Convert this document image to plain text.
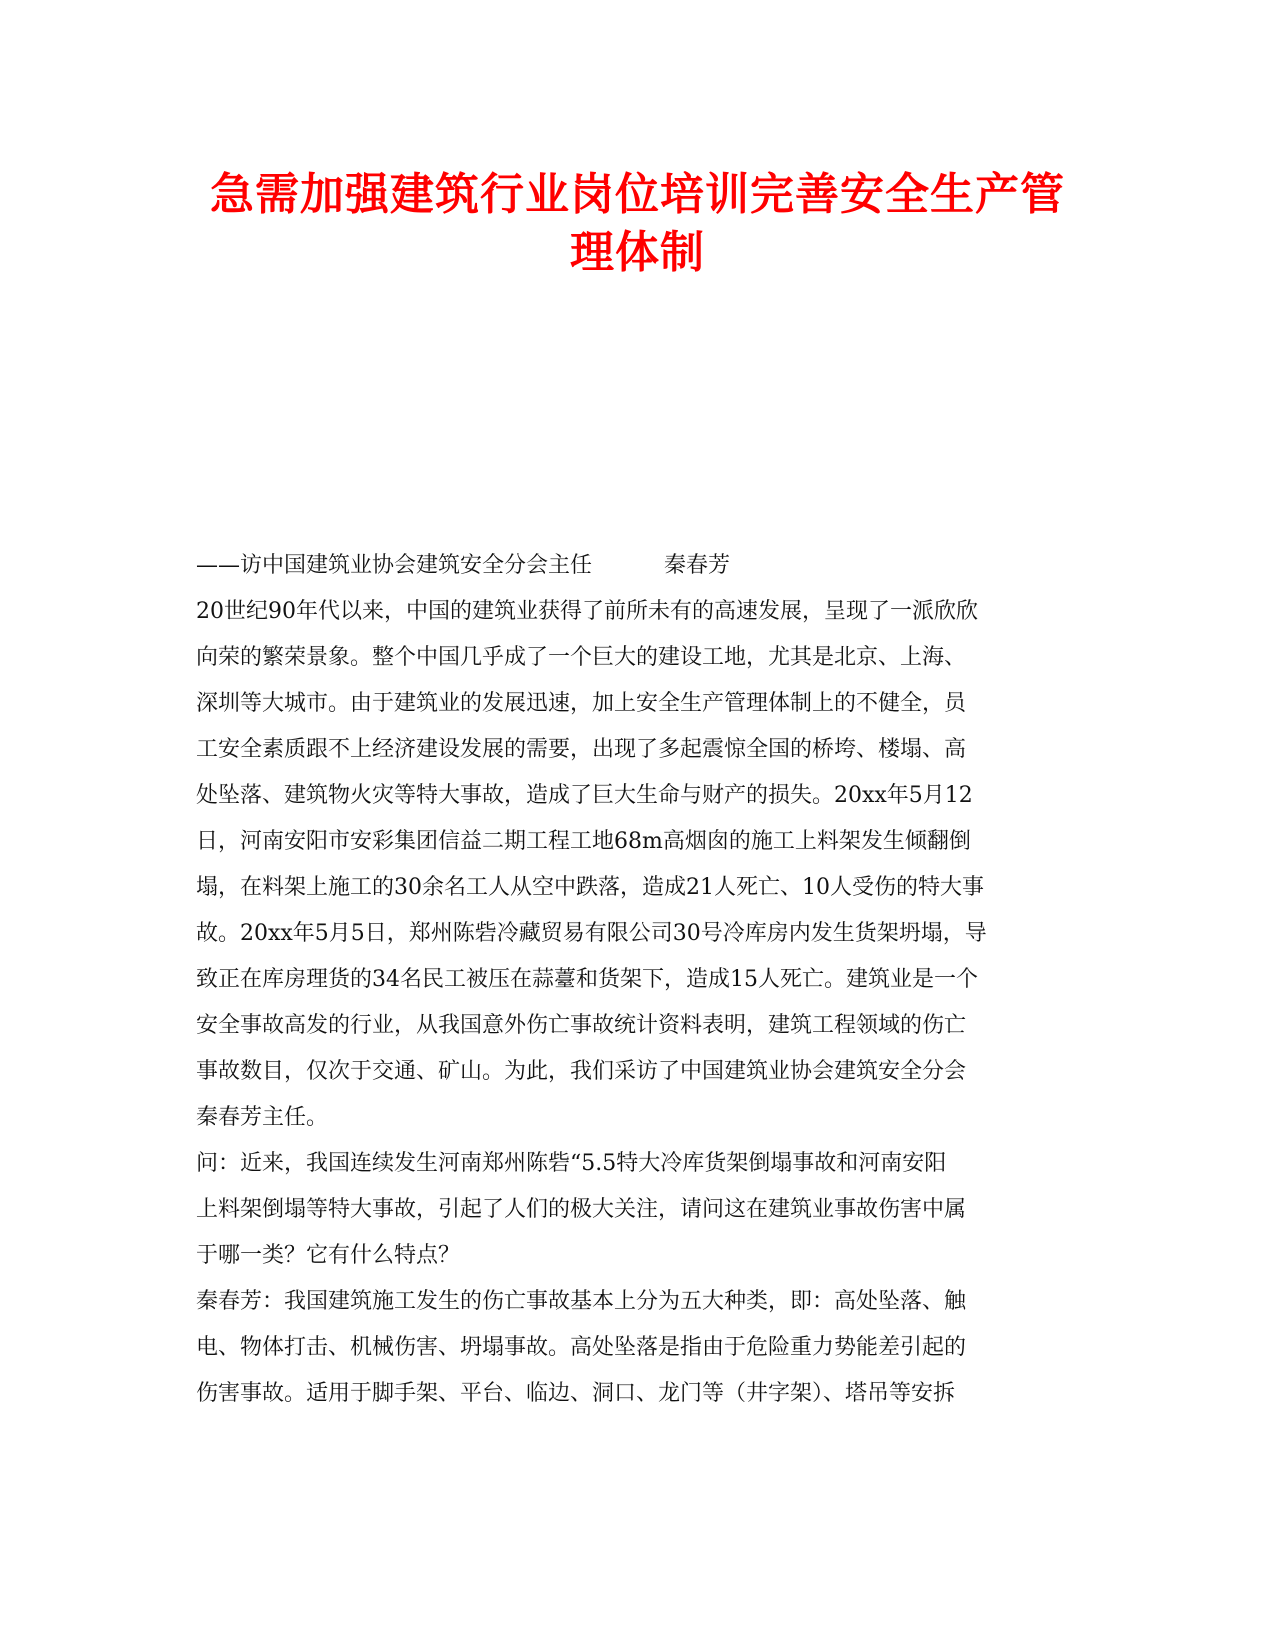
急需加强建筑行业岗位培训完善安全生产管
理体制
——访中国建筑业协会建筑安全分会主任	秦春芳
20世纪90年代以来，中国的建筑业获得了前所未有的高速发展，呈现了一派欣欣
向荣的繁荣景象。整个中国几乎成了一个巨大的建设工地，尤其是北京、上海、
深圳等大城市。由于建筑业的发展迅速，加上安全生产管理体制上的不健全，员
工安全素质跟不上经济建设发展的需要，出现了多起震惊全国的桥垮、楼塌、高
处坠落、建筑物火灾等特大事故，造成了巨大生命与财产的损失。20xx年5月12
日，河南安阳市安彩集团信益二期工程工地68m高烟囱的施工上料架发生倾翻倒
塌，在料架上施工的30余名工人从空中跌落，造成21人死亡、10人受伤的特大事
故。20xx年5月5日，郑州陈砦冷藏贸易有限公司30号冷库房内发生货架坍塌，导
致正在库房理货的34名民工被压在蒜薹和货架下，造成15人死亡。建筑业是一个
安全事故高发的行业，从我国意外伤亡事故统计资料表明，建筑工程领域的伤亡
事故数目，仅次于交通、矿山。为此，我们采访了中国建筑业协会建筑安全分会
秦春芳主任。
问：近来，我国连续发生河南郑州陈砦“5.5特大冷库货架倒塌事故和河南安阳
上料架倒塌等特大事故，引起了人们的极大关注，请问这在建筑业事故伤害中属
于哪一类？它有什么特点？
秦春芳：我国建筑施工发生的伤亡事故基本上分为五大种类，即：高处坠落、触
电、物体打击、机械伤害、坍塌事故。高处坠落是指由于危险重力势能差引起的
伤害事故。适用于脚手架、平台、临边、洞口、龙门等（井字架）、塔吊等安拆
